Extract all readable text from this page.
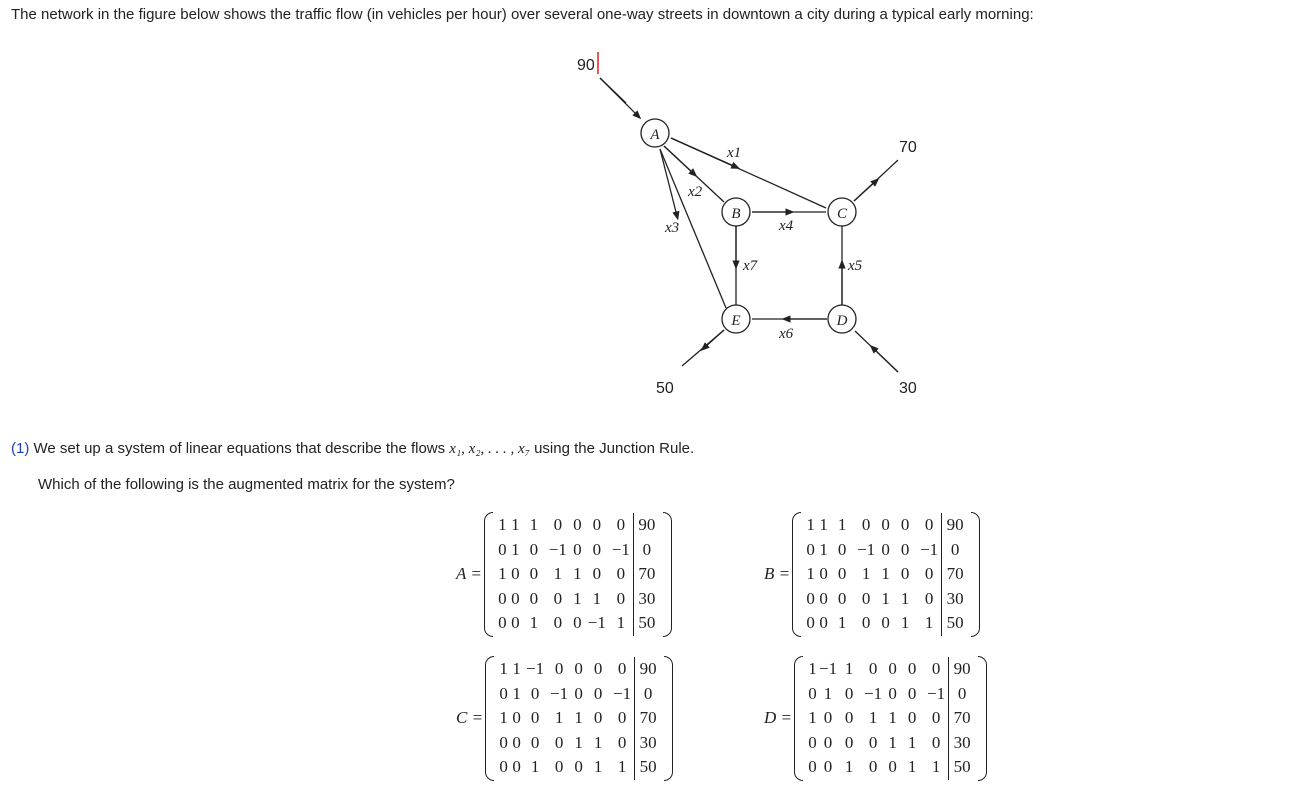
The network in the figure below shows the traffic flow (in vehicles per hour) over several one-way streets in downtown a city during a typical early morning:

A
B	C
D
E
x1
x2
x3	x4
x5
x6
x7
90
70
50	30

(1) We set up a system of linear equations that describe the flows x₁, x₂, . . . , x₇ using the Junction Rule.

Which of the following is the augmented matrix for the system?

A =
1	1	1	0	0	0	0	90
0	1	0	−1	0	0	−1	0
1	0	0	1	1	0	0	70
0	0	0	0	1	1	0	30
0	0	1	0	0	−1	1	50
B =
1	1	1	0	0	0	0	90
0	1	0	−1	0	0	−1	0
1	0	0	1	1	0	0	70
0	0	0	0	1	1	0	30
0	0	1	0	0	1	1	50
C =
1	1	−1	0	0	0	0	90
0	1	0	−1	0	0	−1	0
1	0	0	1	1	0	0	70
0	0	0	0	1	1	0	30
0	0	1	0	0	1	1	50
D =
1	−1	1	0	0	0	0	90
0	1	0	−1	0	0	−1	0
1	0	0	1	1	0	0	70
0	0	0	0	1	1	0	30
0	0	1	0	0	1	1	50
